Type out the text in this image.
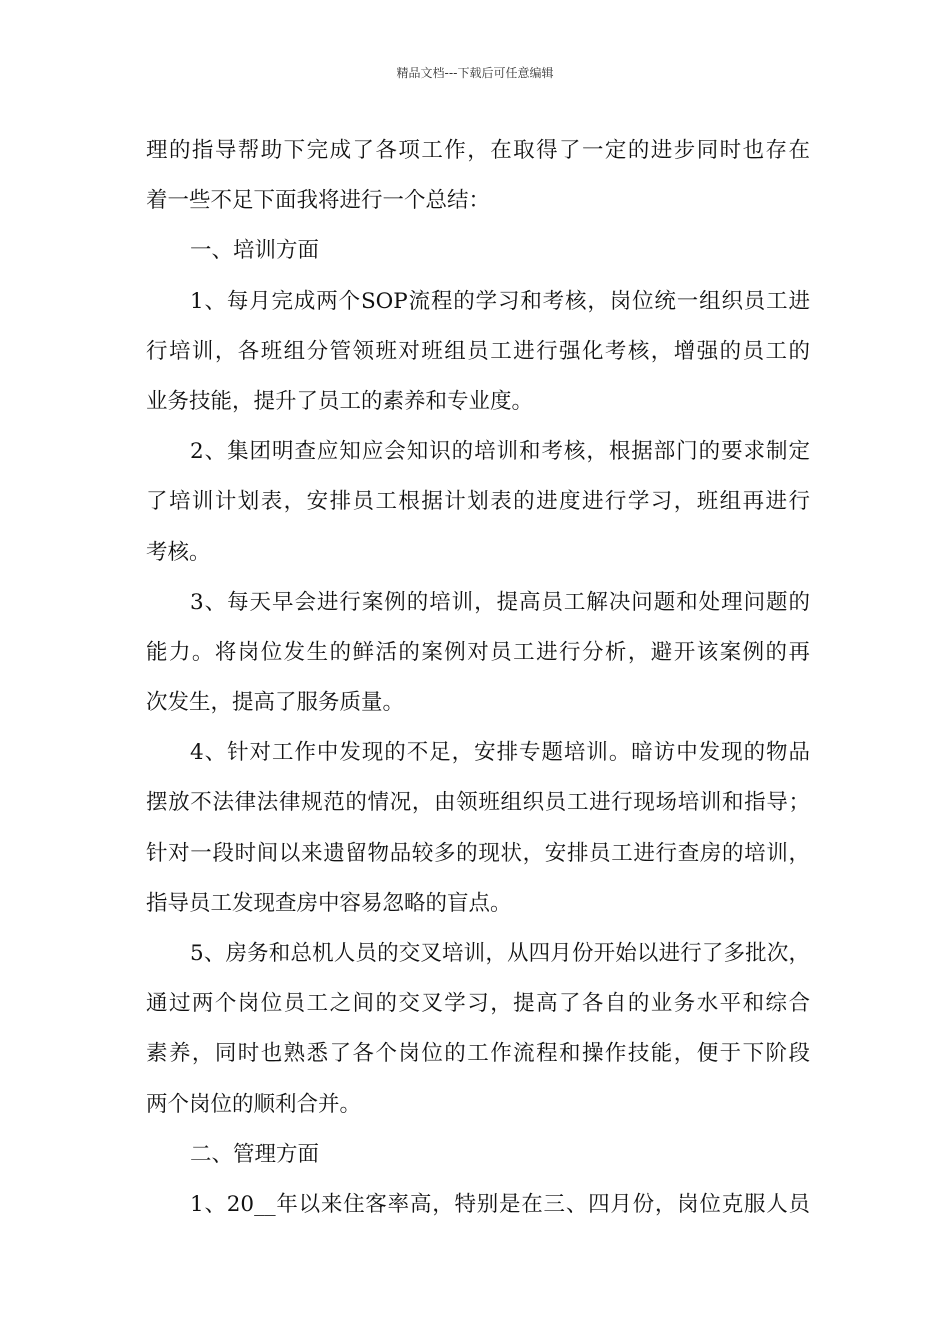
精品文档---下载后可任意编辑
理的指导帮助下完成了各项工作，在取得了一定的进步同时也存在
着一些不足下面我将进行一个总结：
一、培训方面
1、每月完成两个SOP流程的学习和考核，岗位统一组织员工进
行培训，各班组分管领班对班组员工进行强化考核，增强的员工的
业务技能，提升了员工的素养和专业度。
2、集团明查应知应会知识的培训和考核，根据部门的要求制定
了培训计划表，安排员工根据计划表的进度进行学习，班组再进行
考核。
3、每天早会进行案例的培训，提高员工解决问题和处理问题的
能力。将岗位发生的鲜活的案例对员工进行分析，避开该案例的再
次发生，提高了服务质量。
4、针对工作中发现的不足，安排专题培训。暗访中发现的物品
摆放不法律法律规范的情况，由领班组织员工进行现场培训和指导；
针对一段时间以来遗留物品较多的现状，安排员工进行查房的培训，
指导员工发现查房中容易忽略的盲点。
5、房务和总机人员的交叉培训，从四月份开始以进行了多批次，
通过两个岗位员工之间的交叉学习，提高了各自的业务水平和综合
素养，同时也熟悉了各个岗位的工作流程和操作技能，便于下阶段
两个岗位的顺利合并。
二、管理方面
1、20__年以来住客率高，特别是在三、四月份，岗位克服人员
